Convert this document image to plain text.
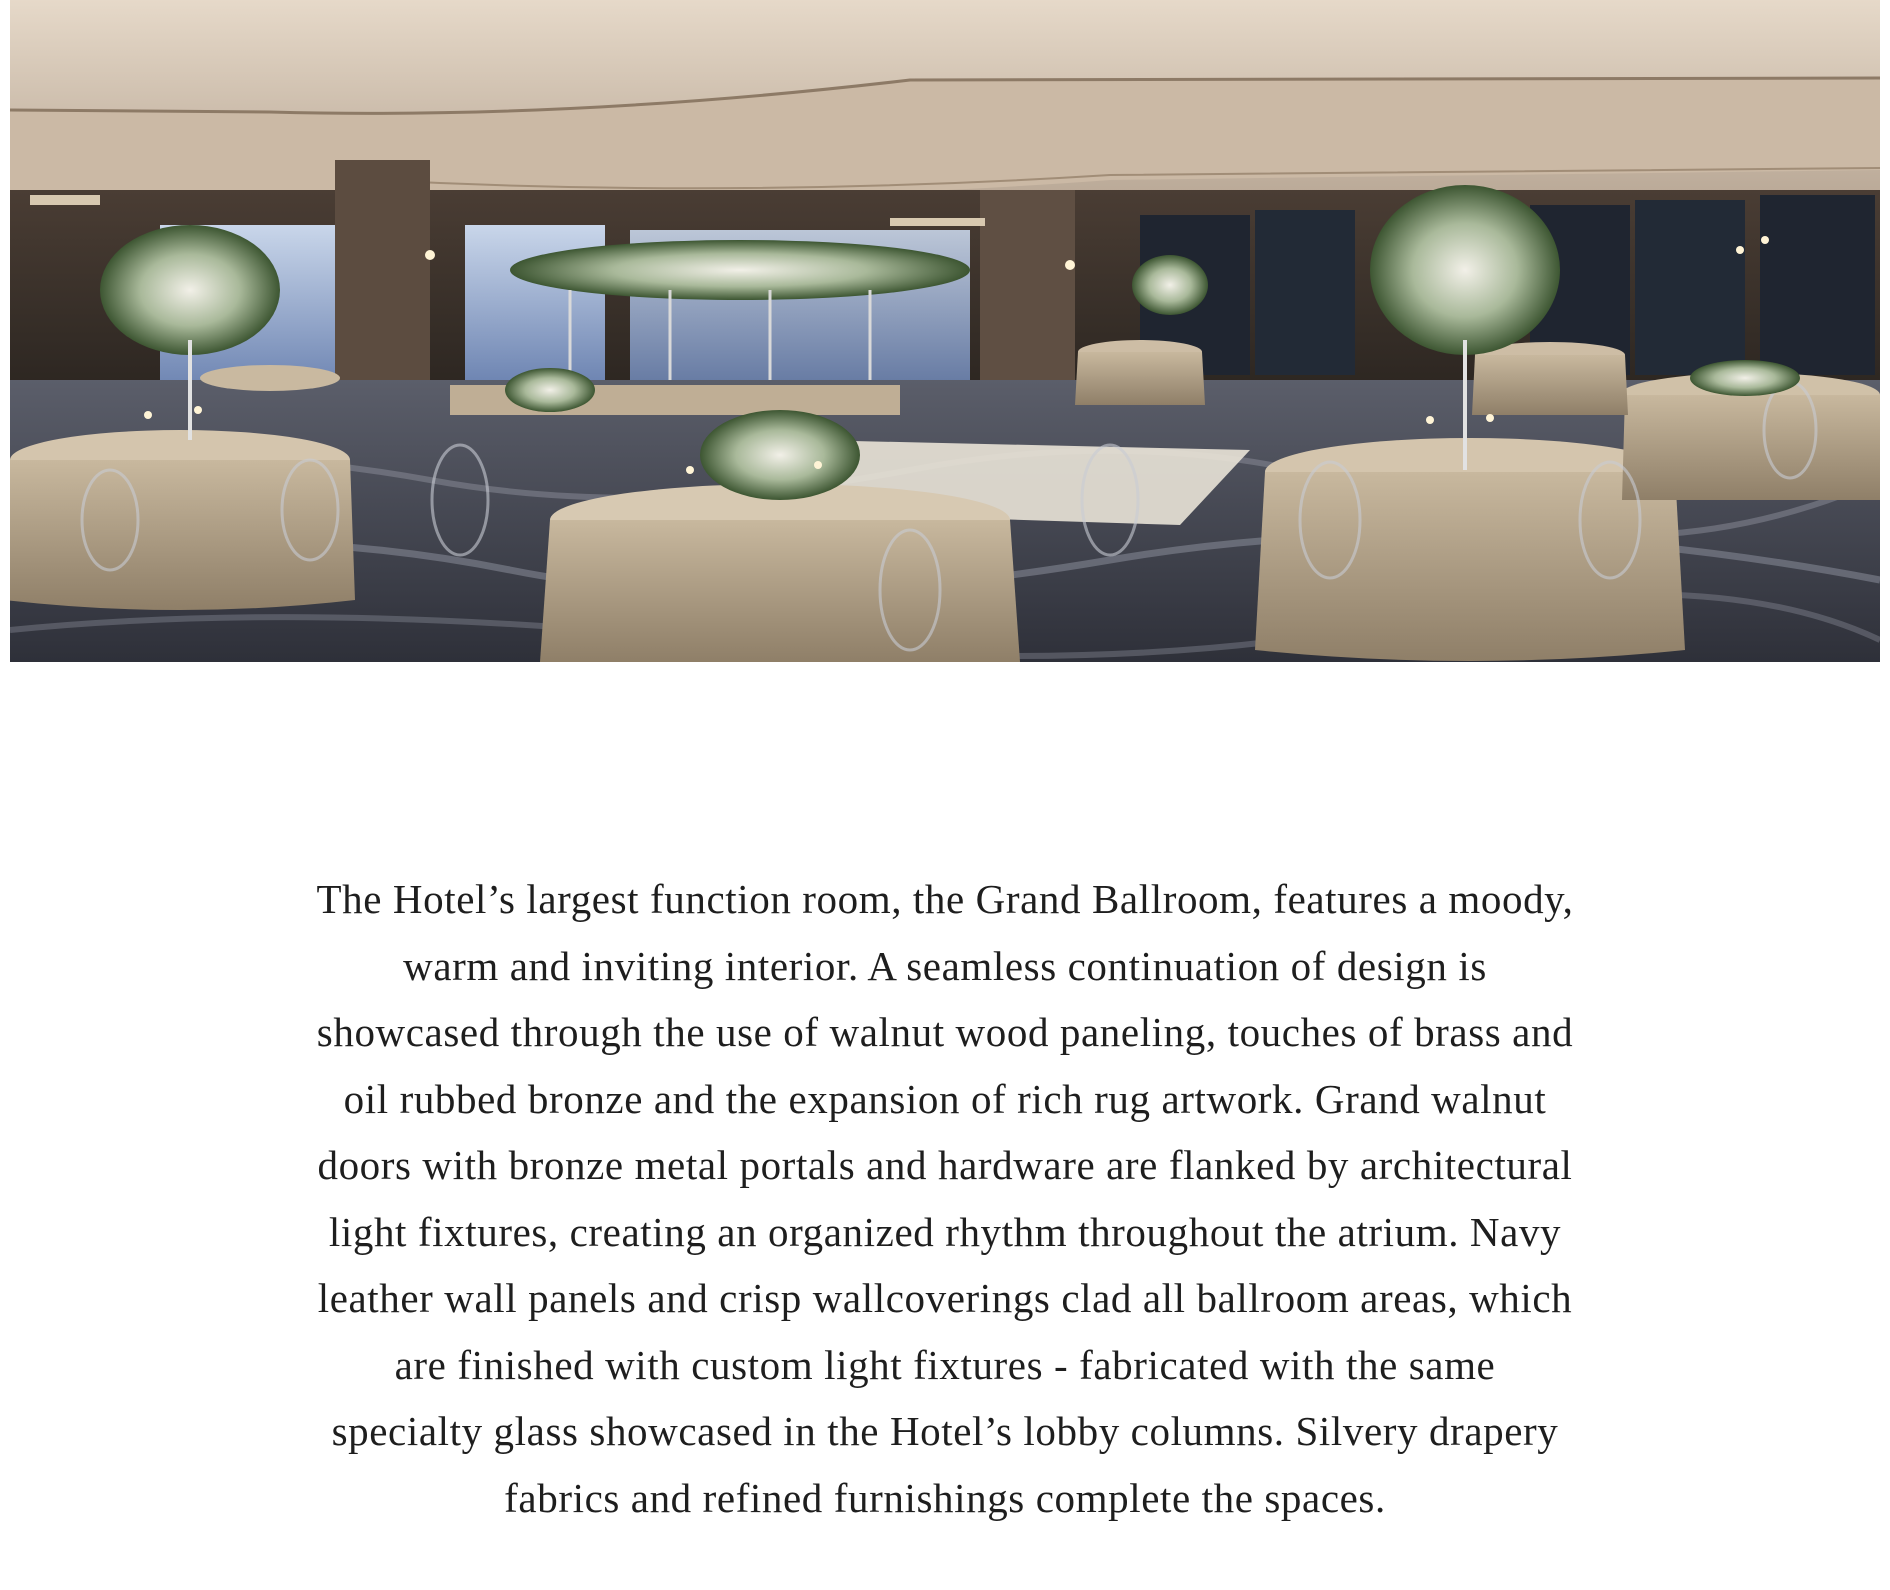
The Hotel’s largest function room, the Grand Ballroom, features a moody, warm and inviting interior. A seamless continuation of design is showcased through the use of walnut wood paneling, touches of brass and oil rubbed bronze and the expansion of rich rug artwork. Grand walnut doors with bronze metal portals and hardware are flanked by architectural light fixtures, creating an organized rhythm throughout the atrium. Navy leather wall panels and crisp wallcoverings clad all ballroom areas, which are finished with custom light fixtures - fabricated with the same specialty glass showcased in the Hotel’s lobby columns. Silvery drapery fabrics and refined furnishings complete the spaces.
